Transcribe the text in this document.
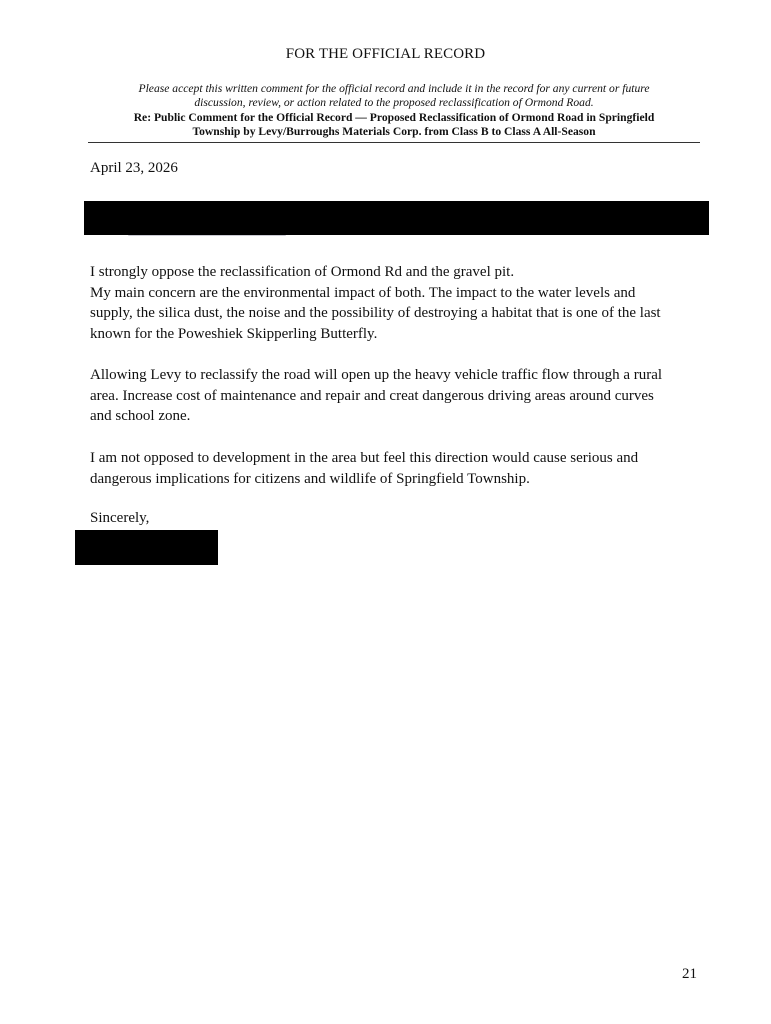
FOR THE OFFICIAL RECORD
Please accept this written comment for the official record and include it in the record for any current or future
discussion, review, or action related to the proposed reclassification of Ormond Road.
Re: Public Comment for the Official Record — Proposed Reclassification of Ormond Road in Springfield
Township by Levy/Burroughs Materials Corp. from Class B to Class A All-Season
April 23, 2026
I strongly oppose the reclassification of Ormond Rd and the gravel pit.
My main concern are the environmental impact of both. The impact to the water levels and
supply, the silica dust, the noise and the possibility of destroying a habitat that is one of the last
known for the Poweshiek Skipperling Butterfly.
Allowing Levy to reclassify the road will open up the heavy vehicle traffic flow through a rural
area. Increase cost of maintenance and repair and creat dangerous driving areas around curves
and school zone.
I am not opposed to development in the area but feel this direction would cause serious and
dangerous implications for citizens and wildlife of Springfield Township.
Sincerely,
21
